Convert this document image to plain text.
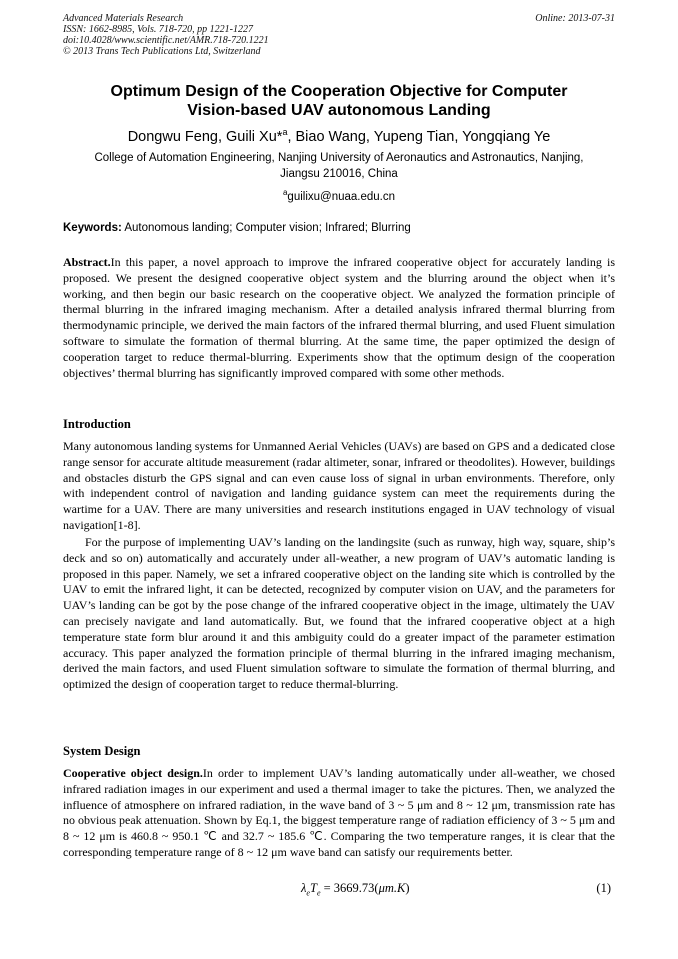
Advanced Materials Research
ISSN: 1662-8985, Vols. 718-720, pp 1221-1227
doi:10.4028/www.scientific.net/AMR.718-720.1221
© 2013 Trans Tech Publications Ltd, Switzerland
Online: 2013-07-31
Optimum Design of the Cooperation Objective for Computer
Vision-based UAV autonomous Landing
Dongwu Feng, Guili Xu*$^a$, Biao Wang, Yupeng Tian, Yongqiang Ye
College of Automation Engineering, Nanjing University of Aeronautics and Astronautics, Nanjing,
Jiangsu 210016, China
$^a$guilixu@nuaa.edu.cn
Keywords: Autonomous landing; Computer vision; Infrared; Blurring
Abstract.In this paper, a novel approach to improve the infrared cooperative object for accurately landing is proposed. We present the designed cooperative object system and the blurring around the object when it’s working, and then begin our basic research on the cooperative object. We analyzed the formation principle of thermal blurring in the infrared imaging mechanism. After a detailed analysis infrared thermal blurring from thermodynamic principle, we derived the main factors of the infrared thermal blurring, and used Fluent simulation software to simulate the formation of thermal blurring. At the same time, the paper optimized the design of cooperation target to reduce thermal-blurring. Experiments show that the optimum design of the cooperation objectives’ thermal blurring has significantly improved compared with some other methods.
Introduction
Many autonomous landing systems for Unmanned Aerial Vehicles (UAVs) are based on GPS and a dedicated close range sensor for accurate altitude measurement (radar altimeter, sonar, infrared or theodolites). However, buildings and obstacles disturb the GPS signal and can even cause loss of signal in urban environments. Therefore, only with independent control of navigation and landing guidance system can meet the requirements during the wartime for a UAV. There are many universities and research institutions engaged in UAV technology of visual navigation[1-8].
For the purpose of implementing UAV’s landing on the landingsite (such as runway, high way, square, ship’s deck and so on) automatically and accurately under all-weather, a new program of UAV’s automatic landing is proposed in this paper. Namely, we set a infrared cooperative object on the landing site which is controlled by the UAV to emit the infrared light, it can be detected, recognized by computer vision on UAV, and the parameters for UAV’s landing can be got by the pose change of the infrared cooperative object in the image, ultimately the UAV can precisely navigate and land automatically. But, we found that the infrared cooperative object at a high temperature state form blur around it and this ambiguity could do a greater impact of the parameter estimation accuracy. This paper analyzed the formation principle of thermal blurring in the infrared imaging mechanism, derived the main factors, and used Fluent simulation software to simulate the formation of thermal blurring, and optimized the design of cooperation target to reduce thermal-blurring.
System Design
Cooperative object design.In order to implement UAV’s landing automatically under all-weather, we chosed infrared radiation images in our experiment and used a thermal imager to take the pictures. Then, we analyzed the influence of atmosphere on infrared radiation, in the wave band of 3 ~ 5 μm and 8 ~ 12 μm, transmission rate has no obvious peak attenuation. Shown by Eq.1, the biggest temperature range of radiation efficiency of 3 ~ 5 μm and 8 ~ 12 μm is 460.8 ~ 950.1 ℃ and 32.7 ~ 185.6 ℃. Comparing the two temperature ranges, it is clear that the corresponding temperature range of 8 ~ 12 μm wave band can satisfy our requirements better.
$\lambda_eT_e = 3669.73(\mu m.K)$	(1)
